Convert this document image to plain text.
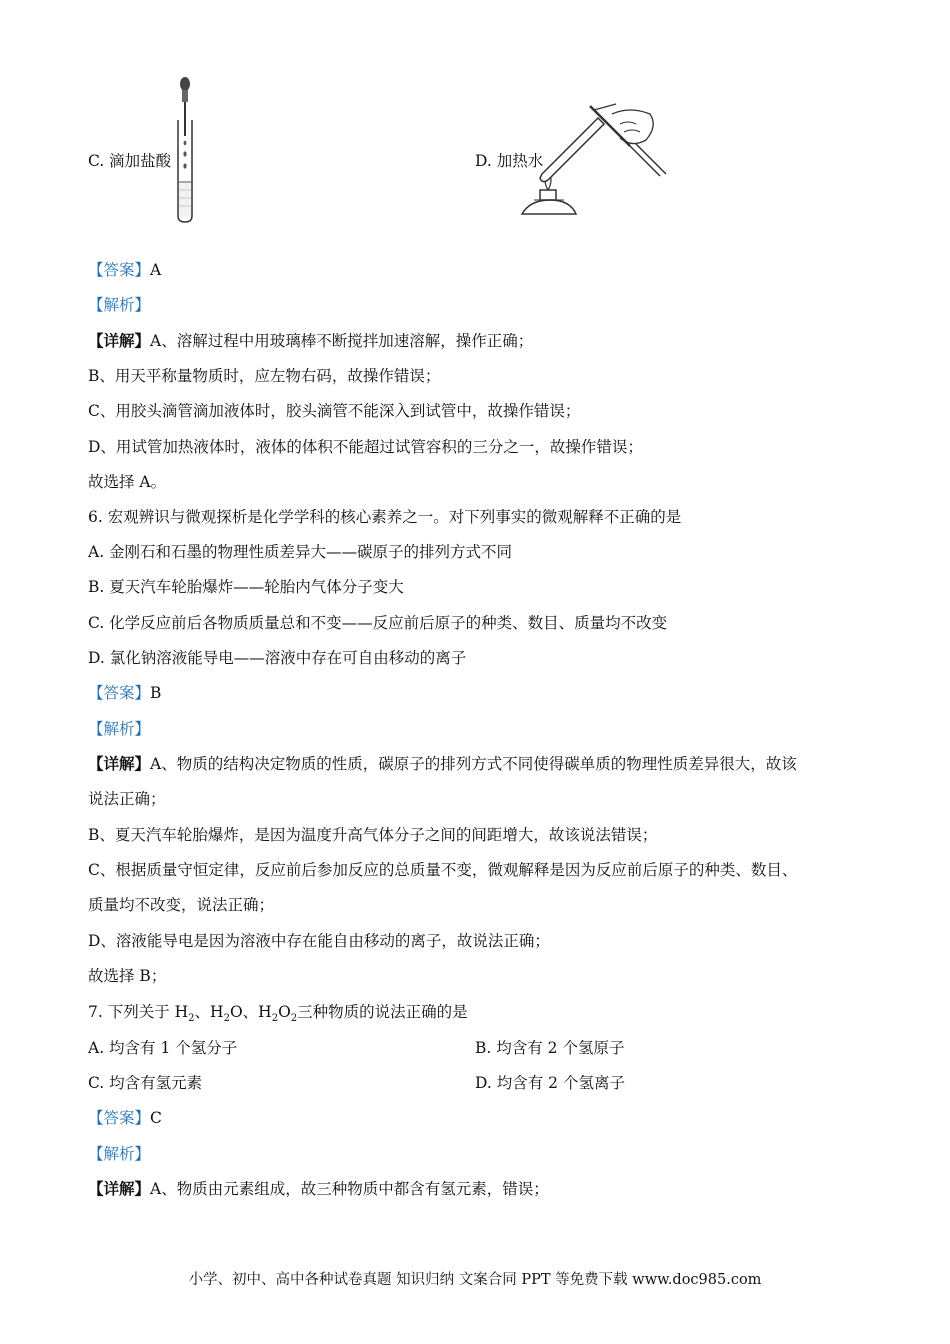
C. 滴加盐酸	D. 加热水
【答案】A
【解析】
【详解】A、溶解过程中用玻璃棒不断搅拌加速溶解，操作正确；
B、用天平称量物质时，应左物右码，故操作错误；
C、用胶头滴管滴加液体时，胶头滴管不能深入到试管中，故操作错误；
D、用试管加热液体时，液体的体积不能超过试管容积的三分之一，故操作错误；
故选择 A。
6. 宏观辨识与微观探析是化学学科的核心素养之一。对下列事实的微观解释不正确的是
A. 金刚石和石墨的物理性质差异大——碳原子的排列方式不同
B. 夏天汽车轮胎爆炸——轮胎内气体分子变大
C. 化学反应前后各物质质量总和不变——反应前后原子的种类、数目、质量均不改变
D. 氯化钠溶液能导电——溶液中存在可自由移动的离子
【答案】B
【解析】
【详解】A、物质的结构决定物质的性质，碳原子的排列方式不同使得碳单质的物理性质差异很大，故该
说法正确；
B、夏天汽车轮胎爆炸，是因为温度升高气体分子之间的间距增大，故该说法错误；
C、根据质量守恒定律，反应前后参加反应的总质量不变，微观解释是因为反应前后原子的种类、数目、
质量均不改变，说法正确；
D、溶液能导电是因为溶液中存在能自由移动的离子，故说法正确；
故选择 B；
7. 下列关于 $H_2$、$H_2O$、$H_2O_2$三种物质的说法正确的是
A. 均含有 1 个氢分子	B. 均含有 2 个氢原子
C. 均含有氢元素	D. 均含有 2 个氢离子
【答案】C
【解析】
【详解】A、物质由元素组成，故三种物质中都含有氢元素，错误；
小学、初中、高中各种试卷真题 知识归纳 文案合同 PPT 等免费下载 www.doc985.com
